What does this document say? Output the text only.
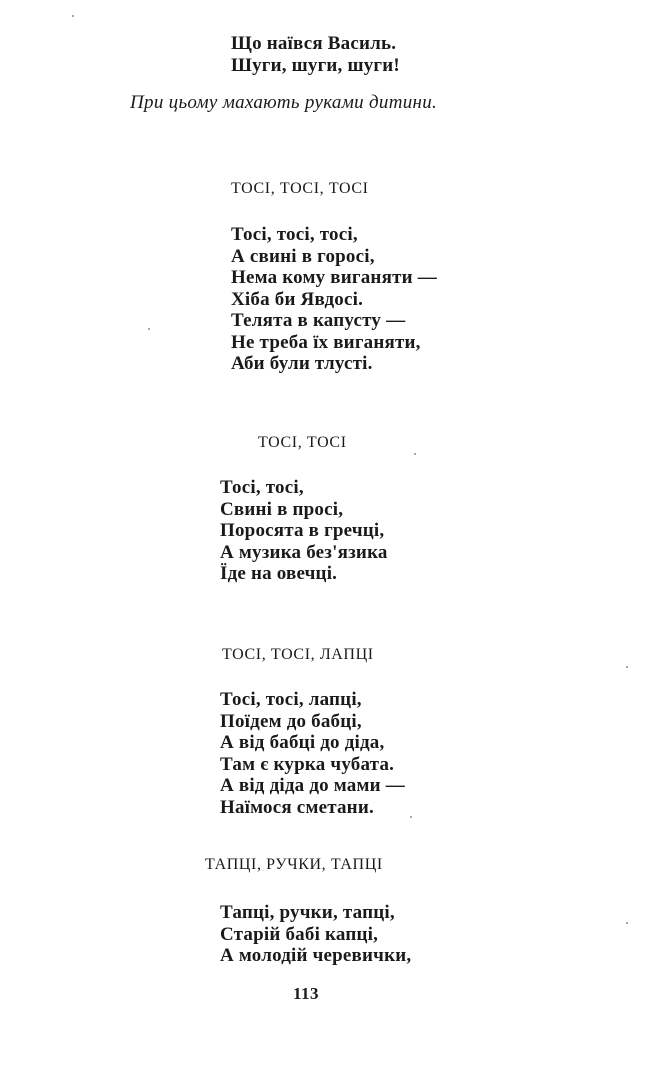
Що наївся Василь.
Шуги, шуги, шуги!
При цьому махають руками дитини.
ТОСІ, ТОСІ, ТОСІ
Тосі, тосі, тосі,
А свині в горосі,
Нема кому виганяти —
Хіба би Явдосі.
Телята в капусту —
Не треба їх виганяти,
Аби були тлусті.
ТОСІ, ТОСІ
Тосі, тосі,
Свині в просі,
Поросята в гречці,
А музика без'язика
Їде на овечці.
ТОСІ, ТОСІ, ЛАПЦІ
Тосі, тосі, лапці,
Поїдем до бабці,
А від бабці до діда,
Там є курка чубата.
А від діда до мами —
Наїмося сметани.
ТАПЦІ, РУЧКИ, ТАПЦІ
Тапці, ручки, тапці,
Старій бабі капці,
А молодій черевички,
113
